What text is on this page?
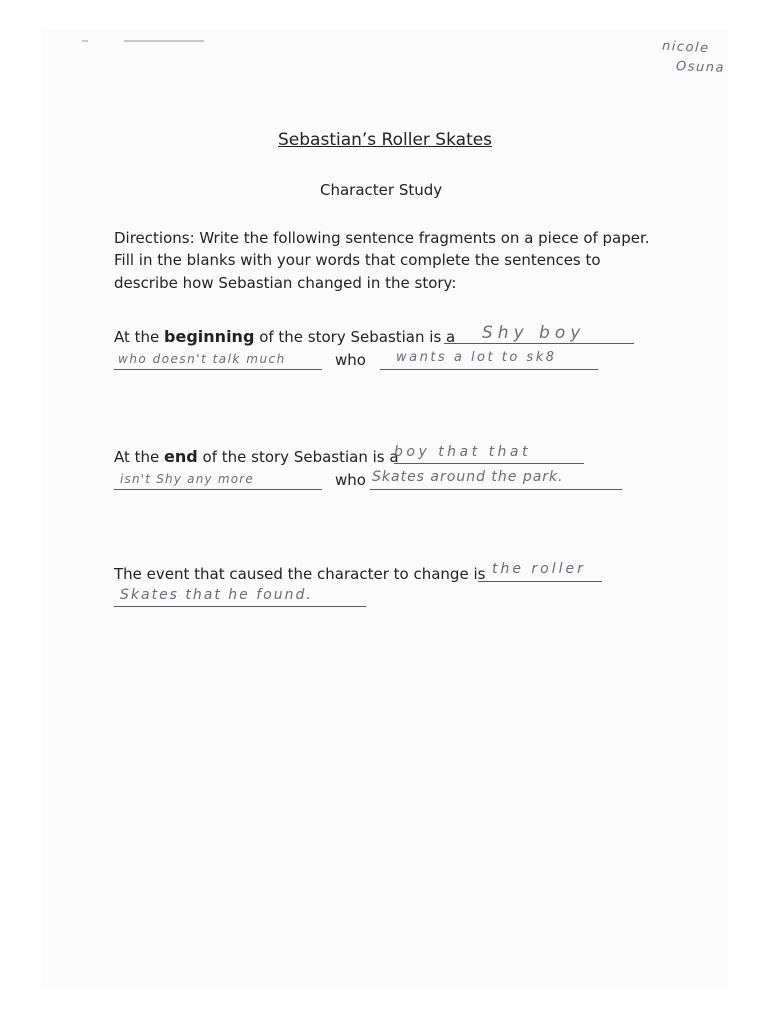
nicole
Osuna
Sebastian’s Roller Skates
Character Study
Directions: Write the following sentence fragments on a piece of paper.
Fill in the blanks with your words that complete the sentences to
describe how Sebastian changed in the story:
At the beginning of the story Sebastian is a Shy boy
who doesn't talk much	who wants a lot to sk8
At the end of the story Sebastian is a
boy that that
isn't Shy any more	who Skates around the park.
The event that caused the character to change is the roller
Skates that he found.
